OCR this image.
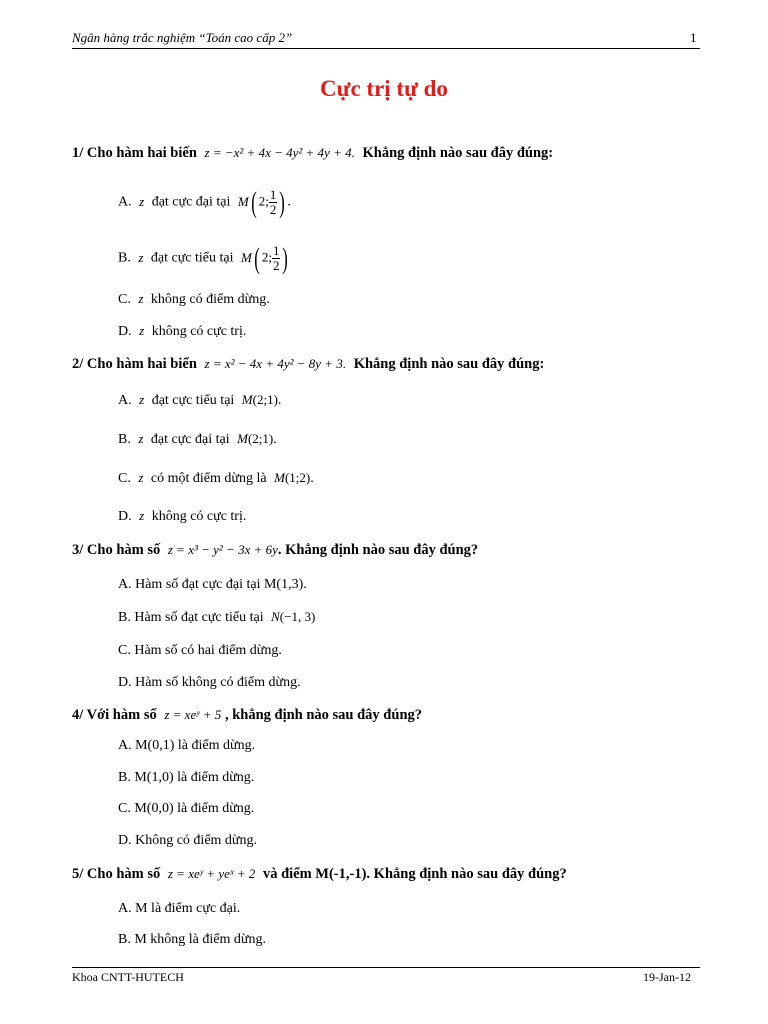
Ngân hàng trắc nghiệm “Toán cao cấp 2”	1
Cực trị tự do
1/ Cho hàm hai biến z = −x² + 4x − 4y² + 4y + 4. Khẳng định nào sau đây đúng:
A. z đạt cực đại tại M( 2; $\frac{1}{2}$ ) .
B. z đạt cực tiểu tại M( 2; $\frac{1}{2}$ )
C. z không có điểm dừng.
D. z không có cực trị.
2/ Cho hàm hai biến z = x² − 4x + 4y² − 8y + 3. Khẳng định nào sau đây đúng:
A. z đạt cực tiểu tại M(2;1).
B. z đạt cực đại tại M(2;1).
C. z có một điểm dừng là M(1;2).
D. z không có cực trị.
3/ Cho hàm số z = x³ − y² − 3x + 6y. Khẳng định nào sau đây đúng?
A. Hàm số đạt cực đại tại M(1,3).
B. Hàm số đạt cực tiểu tại N(−1, 3)
C. Hàm số có hai điểm dừng.
D. Hàm số không có điểm dừng.
4/ Với hàm số z = xeʸ + 5 , khẳng định nào sau đây đúng?
A. M(0,1) là điểm dừng.
B. M(1,0) là điểm dừng.
C. M(0,0) là điểm dừng.
D. Không có điểm dừng.
5/ Cho hàm số z = xeʸ + yeˣ + 2 và điểm M(-1,-1). Khẳng định nào sau đây đúng?
A. M là điểm cực đại.
B. M không là điểm dừng.
Khoa CNTT-HUTECH	19-Jan-12
